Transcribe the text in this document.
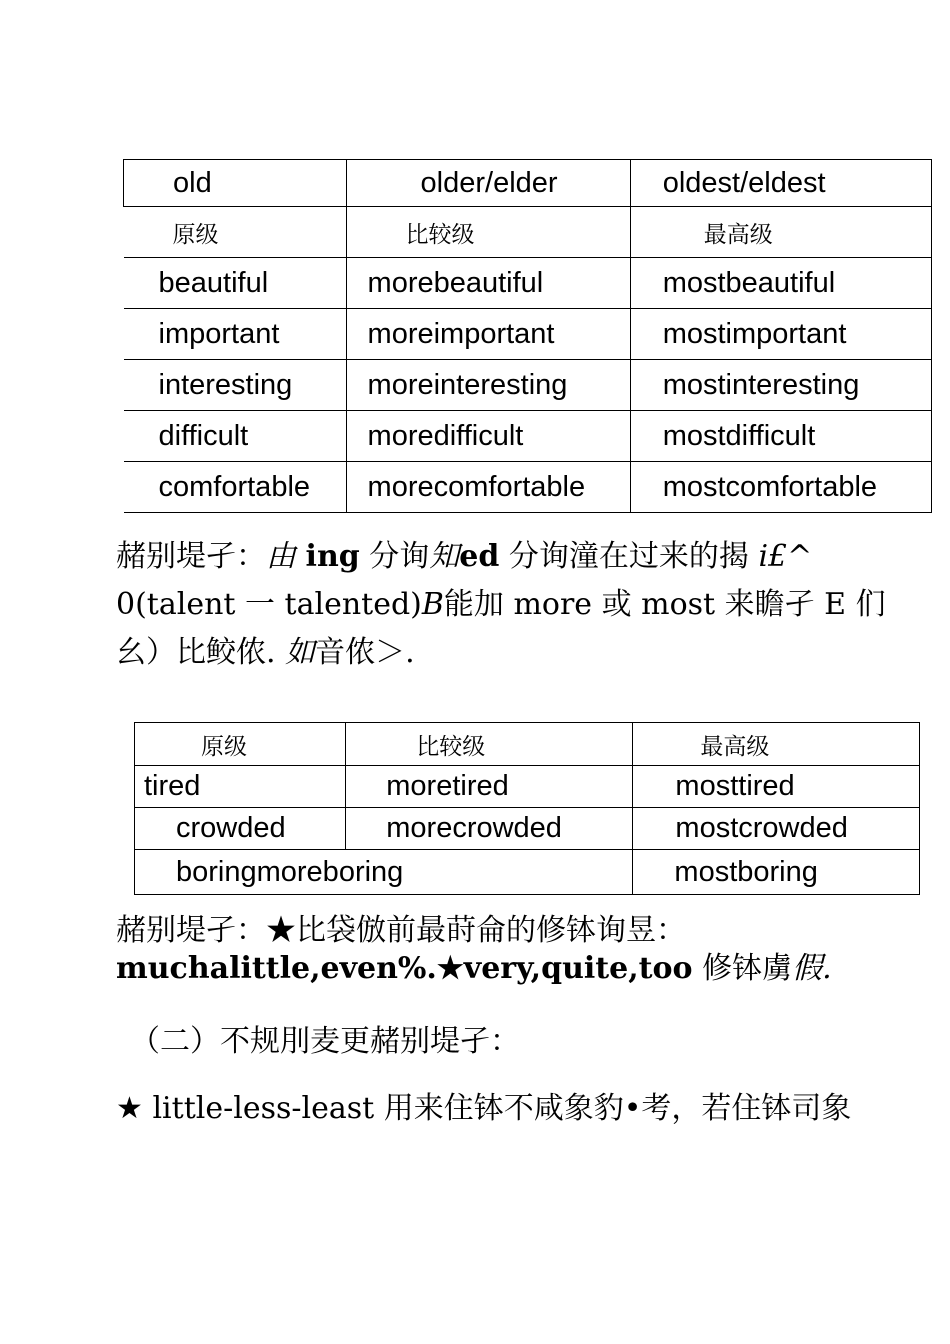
old	older/elder	oldest/eldest
原级	比较级	最高级
beautiful	morebeautiful	mostbeautiful
important	moreimportant	mostimportant
interesting	moreinteresting	mostinteresting
difficult	moredifficult	mostdifficult
comfortable	morecomfortable	mostcomfortable
赭别堤孑：由 ing 分询知ed 分询潼在过来的揭 i£^
0(talent 一 talented)B能加 more 或 most 来瞻孑 E 们
幺）比鲛侬. 如音侬＞.
原级	比较级	最高级
tired	moretired	mosttired
crowded	morecrowded	mostcrowded
boringmoreboring		mostboring
赭别堤孑：★比袋倣前最莳侖的修钵询昱：
muchalittle,even%.★very,quite,too 修钵虜假.
（二）不规刖麦更赭别堤孑：
★ little-less-least 用来住钵不咸象豹•考，若住钵司象
